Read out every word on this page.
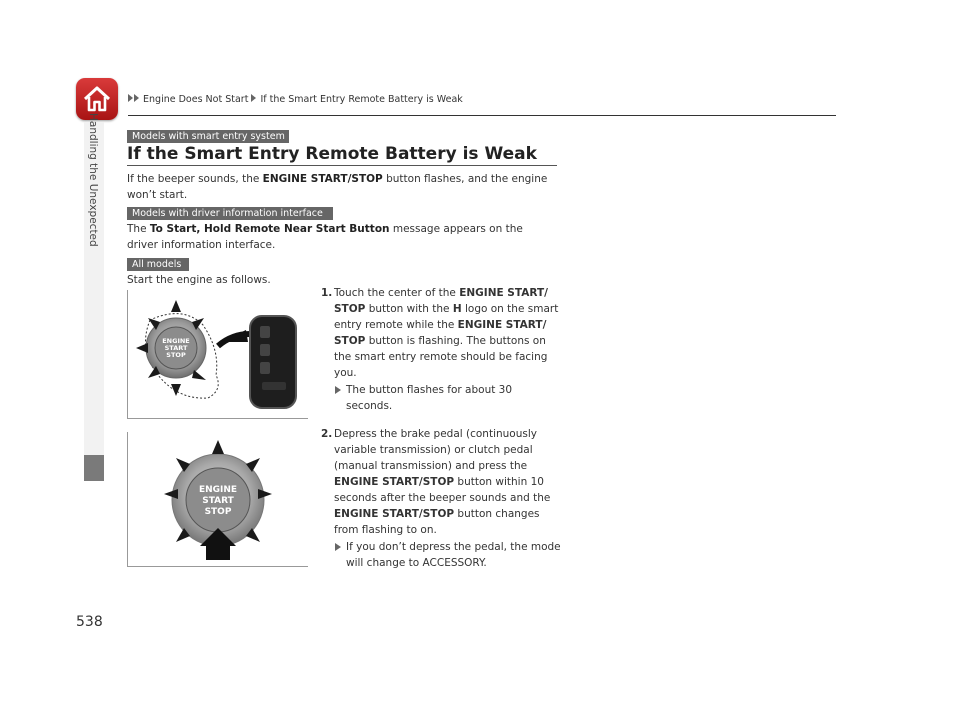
Engine Does Not Start If the Smart Entry Remote Battery is Weak
Handling the Unexpected
538
Models with smart entry system
If the Smart Entry Remote Battery is Weak
If the beeper sounds, the ENGINE START/STOP button flashes, and the engine won’t start.
Models with driver information interface
The To Start, Hold Remote Near Start Button message appears on the driver information interface.
All models
Start the engine as follows.
ENGINE
START
STOP
ENGINE
START
STOP
1. Touch the center of the ENGINE START/ STOP button with the H logo on the smart entry remote while the ENGINE START/ STOP button is flashing. The buttons on the smart entry remote should be facing you.
The button flashes for about 30 seconds.
2. Depress the brake pedal (continuously variable transmission) or clutch pedal (manual transmission) and press the ENGINE START/STOP button within 10 seconds after the beeper sounds and the ENGINE START/STOP button changes from flashing to on.
If you don’t depress the pedal, the mode will change to ACCESSORY.
